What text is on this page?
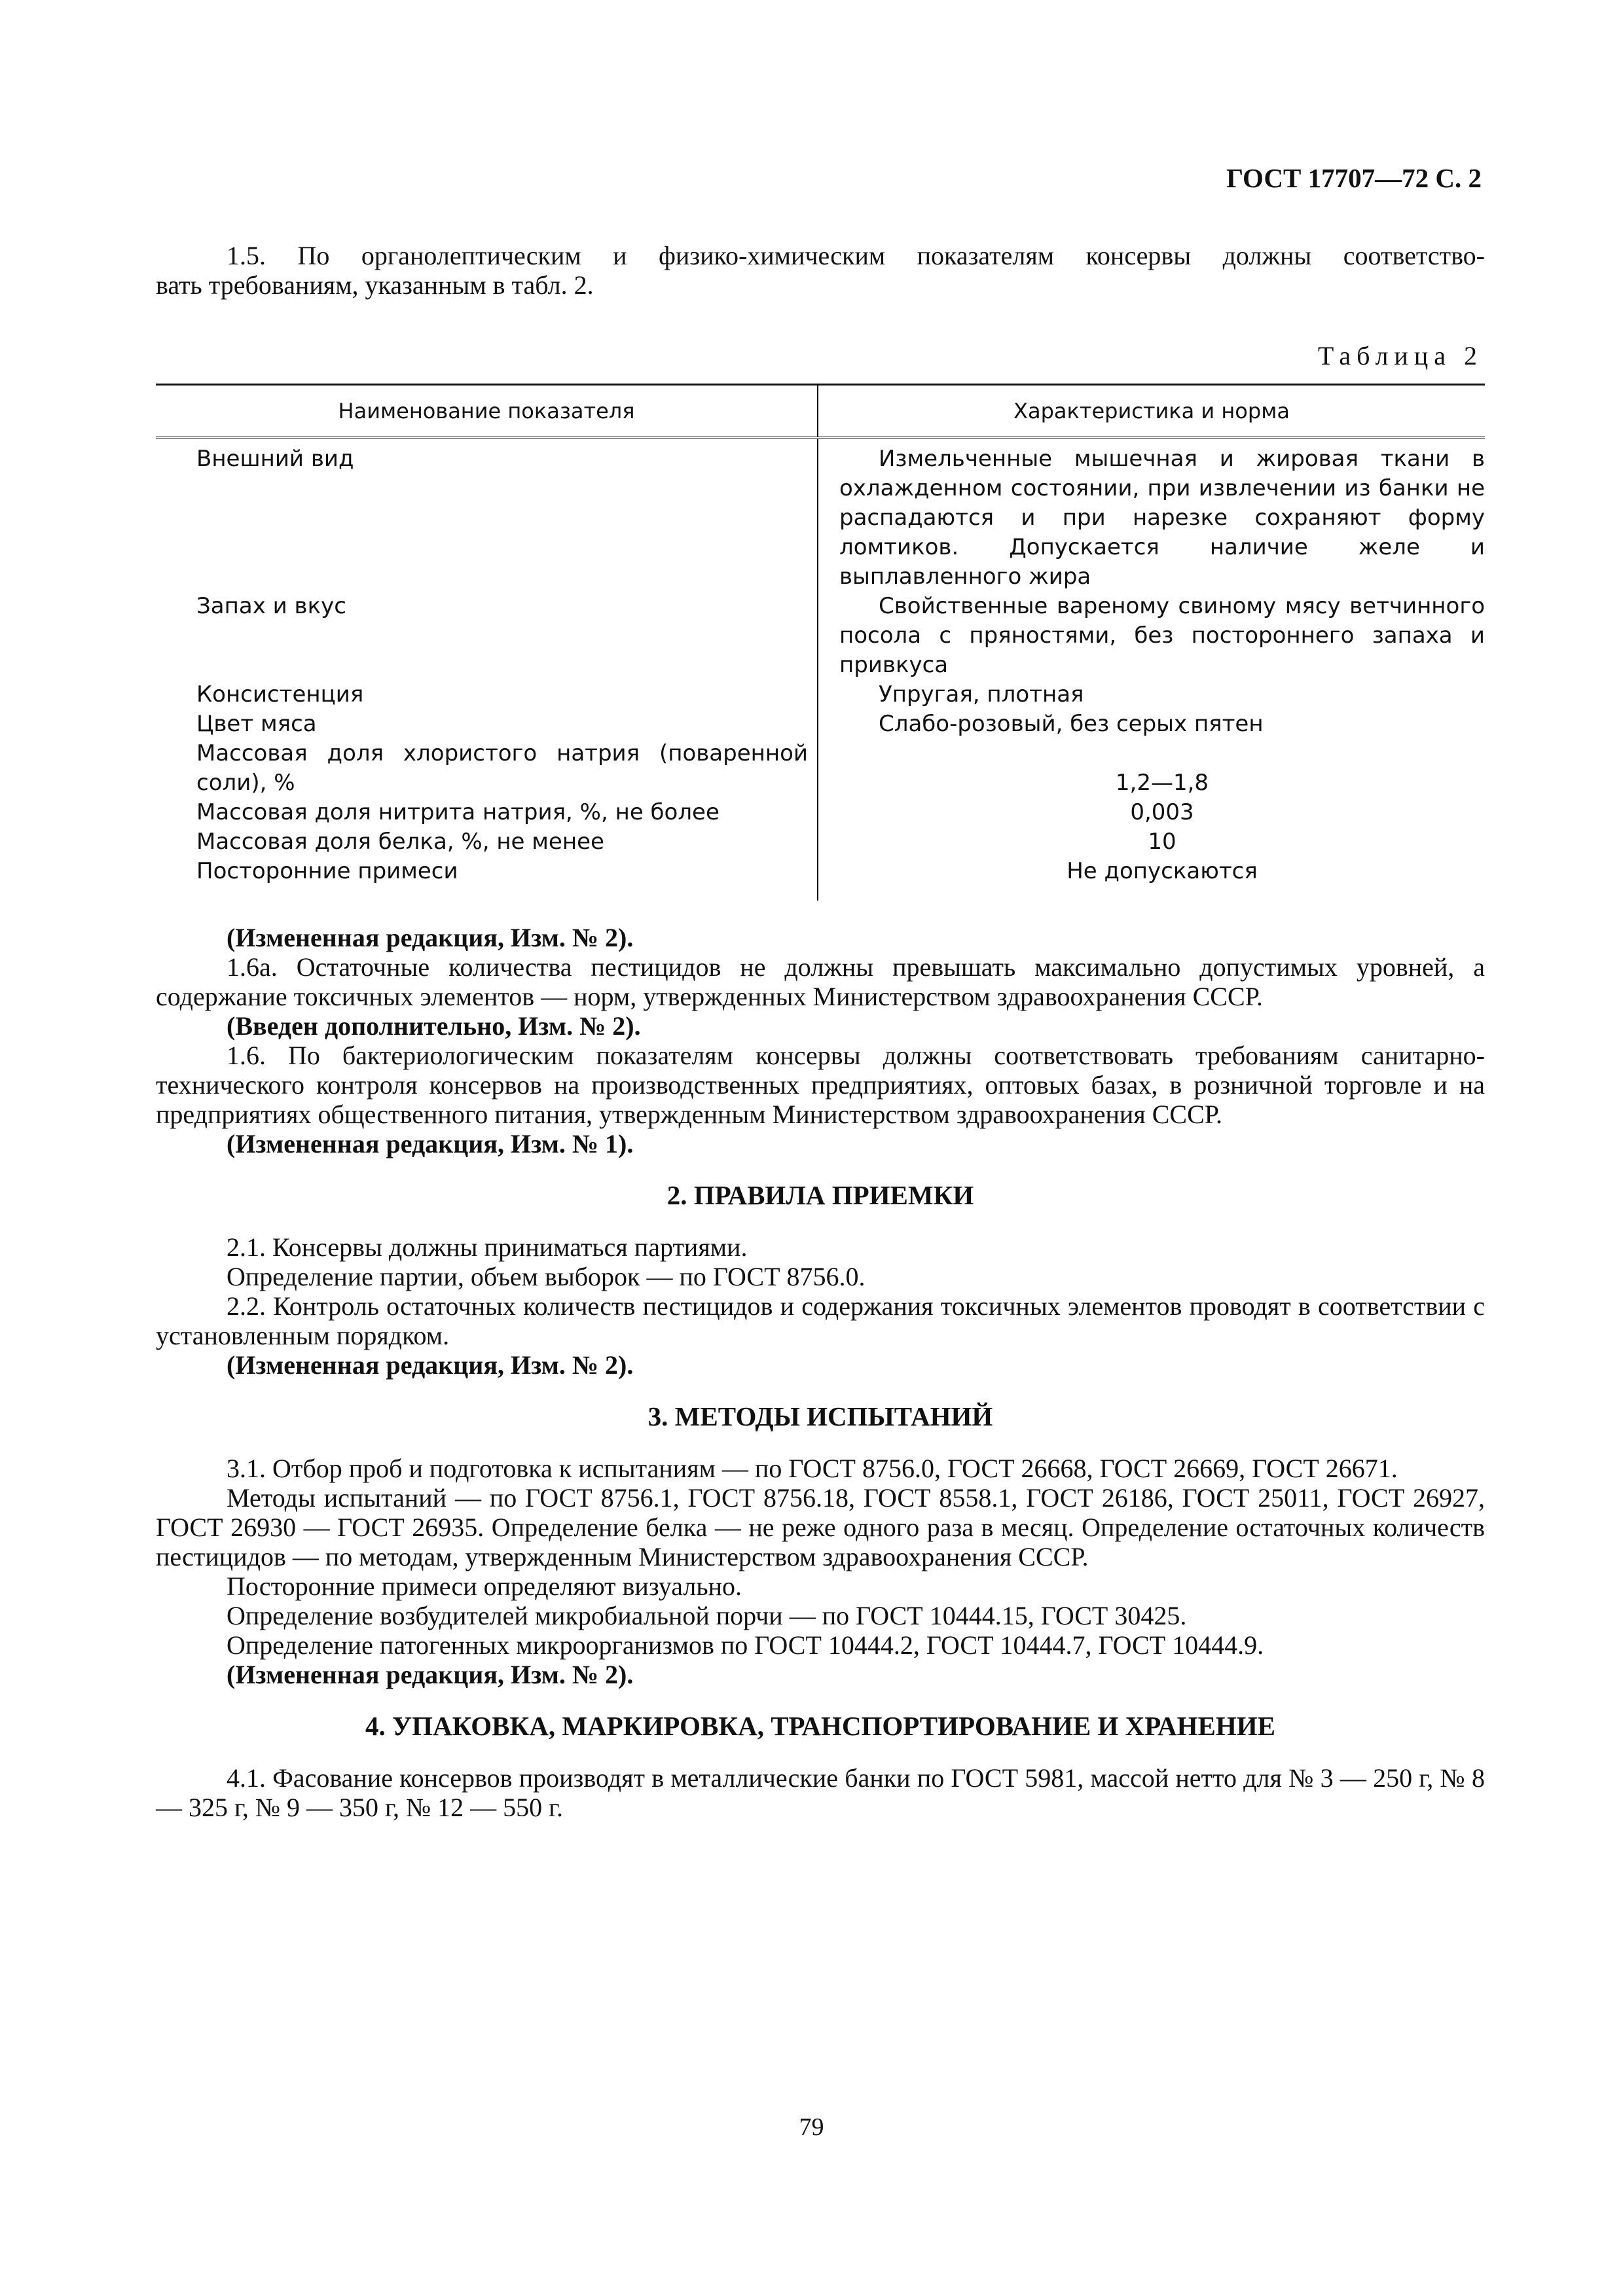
ГОСТ 17707—72 С. 2

1.5. По органолептическим и физико-химическим показателям консервы должны соответство-

вать требованиям, указанным в табл. 2.

Таблица 2
Наименование показателя	Характеристика и норма

Внешний вид	Измельченные мышечная и жировая ткани в охлажденном состоянии, при извлечении из банки не распадаются и при нарезке сохраняют форму ломтиков. Допускается наличие желе и выплавленного жира

Запах и вкус	Свойственные вареному свиному мясу ветчинного посола с пряностями, без постороннего запаха и привкуса

Консистенция	Упругая, плотная

Цвет мяса	Слабо-розовый, без серых пятен

Массовая доля хлористого натрия (поваренной соли), %	1,2—1,8

Массовая доля нитрита натрия, %, не более	0,003

Массовая доля белка, %, не менее	10

Посторонние примеси	Не допускаются

(Измененная редакция, Изм. № 2).

1.6а. Остаточные количества пестицидов не должны превышать максимально допустимых уровней, а содержание токсичных элементов — норм, утвержденных Министерством здравоохранения СССР.

(Введен дополнительно, Изм. № 2).

1.6. По бактериологическим показателям консервы должны соответствовать требованиям санитарно-технического контроля консервов на производственных предприятиях, оптовых базах, в розничной торговле и на предприятиях общественного питания, утвержденным Министерством здравоохранения СССР.

(Измененная редакция, Изм. № 1).

2. ПРАВИЛА ПРИЕМКИ

2.1. Консервы должны приниматься партиями.

Определение партии, объем выборок — по ГОСТ 8756.0.

2.2. Контроль остаточных количеств пестицидов и содержания токсичных элементов проводят в соответствии с установленным порядком.

(Измененная редакция, Изм. № 2).

3. МЕТОДЫ ИСПЫТАНИЙ

3.1. Отбор проб и подготовка к испытаниям — по ГОСТ 8756.0, ГОСТ 26668, ГОСТ 26669, ГОСТ 26671.

Методы испытаний — по ГОСТ 8756.1, ГОСТ 8756.18, ГОСТ 8558.1, ГОСТ 26186, ГОСТ 25011, ГОСТ 26927, ГОСТ 26930 — ГОСТ 26935. Определение белка — не реже одного раза в месяц. Определение остаточных количеств пестицидов — по методам, утвержденным Министерством здравоохранения СССР.

Посторонние примеси определяют визуально.

Определение возбудителей микробиальной порчи — по ГОСТ 10444.15, ГОСТ 30425.

Определение патогенных микроорганизмов по ГОСТ 10444.2, ГОСТ 10444.7, ГОСТ 10444.9.

(Измененная редакция, Изм. № 2).

4. УПАКОВКА, МАРКИРОВКА, ТРАНСПОРТИРОВАНИЕ И ХРАНЕНИЕ

4.1. Фасование консервов производят в металлические банки по ГОСТ 5981, массой нетто для № 3 — 250 г, № 8 — 325 г, № 9 — 350 г, № 12 — 550 г.

79
